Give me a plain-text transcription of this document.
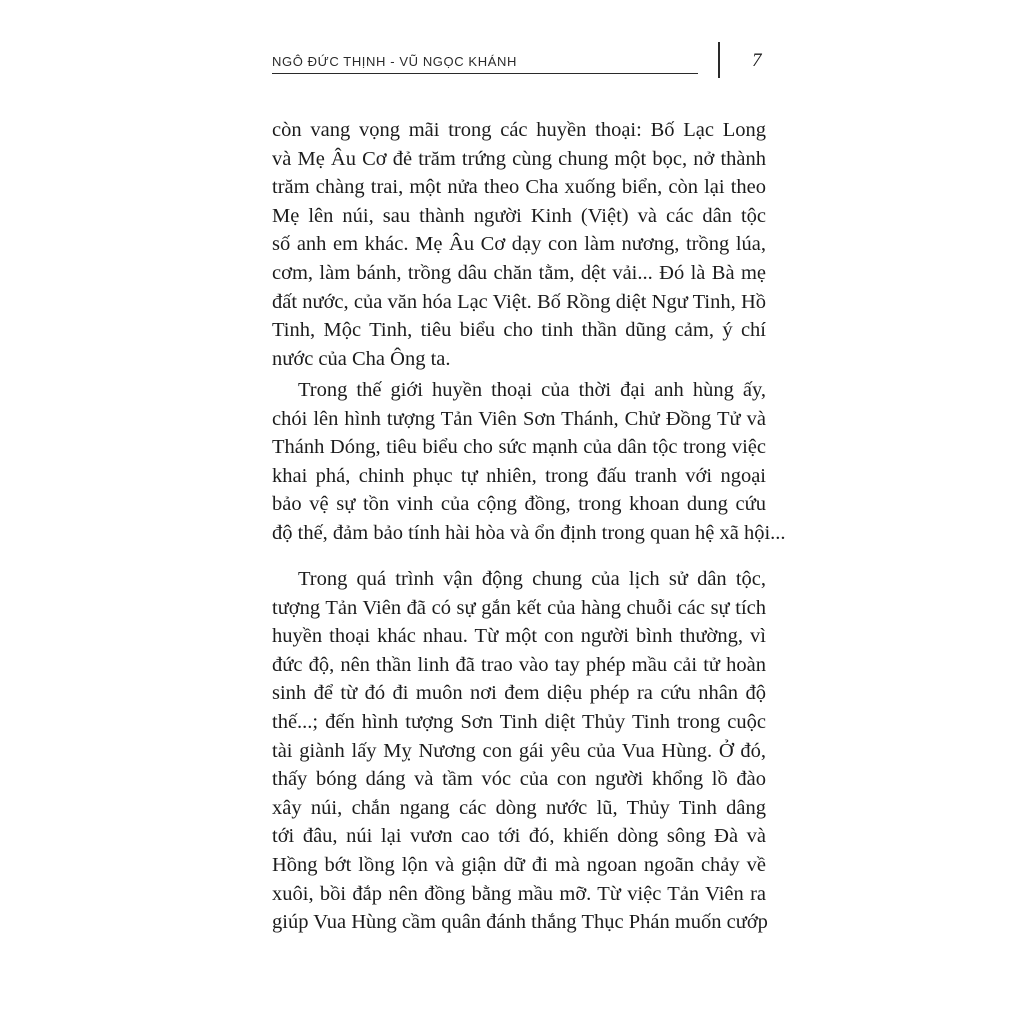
NGÔ ĐỨC THỊNH - VŨ NGỌC KHÁNH	7
còn vang vọng mãi trong các huyền thoại: Bố Lạc Long
và Mẹ Âu Cơ đẻ trăm trứng cùng chung một bọc, nở thành
trăm chàng trai, một nửa theo Cha xuống biển, còn lại theo
Mẹ lên núi, sau thành người Kinh (Việt) và các dân tộc
số anh em khác. Mẹ Âu Cơ dạy con làm nương, trồng lúa,
cơm, làm bánh, trồng dâu chăn tằm, dệt vải... Đó là Bà mẹ
đất nước, của văn hóa Lạc Việt. Bố Rồng diệt Ngư Tinh, Hồ
Tinh, Mộc Tinh, tiêu biểu cho tinh thần dũng cảm, ý chí
nước của Cha Ông ta.
Trong thế giới huyền thoại của thời đại anh hùng ấy,
chói lên hình tượng Tản Viên Sơn Thánh, Chử Đồng Tử và
Thánh Dóng, tiêu biểu cho sức mạnh của dân tộc trong việc
khai phá, chinh phục tự nhiên, trong đấu tranh với ngoại
bảo vệ sự tồn vinh của cộng đồng, trong khoan dung cứu
độ thế, đảm bảo tính hài hòa và ổn định trong quan hệ xã hội...
Trong quá trình vận động chung của lịch sử dân tộc,
tượng Tản Viên đã có sự gắn kết của hàng chuỗi các sự tích
huyền thoại khác nhau. Từ một con người bình thường, vì
đức độ, nên thần linh đã trao vào tay phép mầu cải tử hoàn
sinh để từ đó đi muôn nơi đem diệu phép ra cứu nhân độ
thế...; đến hình tượng Sơn Tinh diệt Thủy Tinh trong cuộc
tài giành lấy Mỵ Nương con gái yêu của Vua Hùng. Ở đó,
thấy bóng dáng và tầm vóc của con người khổng lồ đào
xây núi, chắn ngang các dòng nước lũ, Thủy Tinh dâng
tới đâu, núi lại vươn cao tới đó, khiến dòng sông Đà và
Hồng bớt lồng lộn và giận dữ đi mà ngoan ngoãn chảy về
xuôi, bồi đắp nên đồng bằng mầu mỡ. Từ việc Tản Viên ra
giúp Vua Hùng cầm quân đánh thắng Thục Phán muốn cướp
